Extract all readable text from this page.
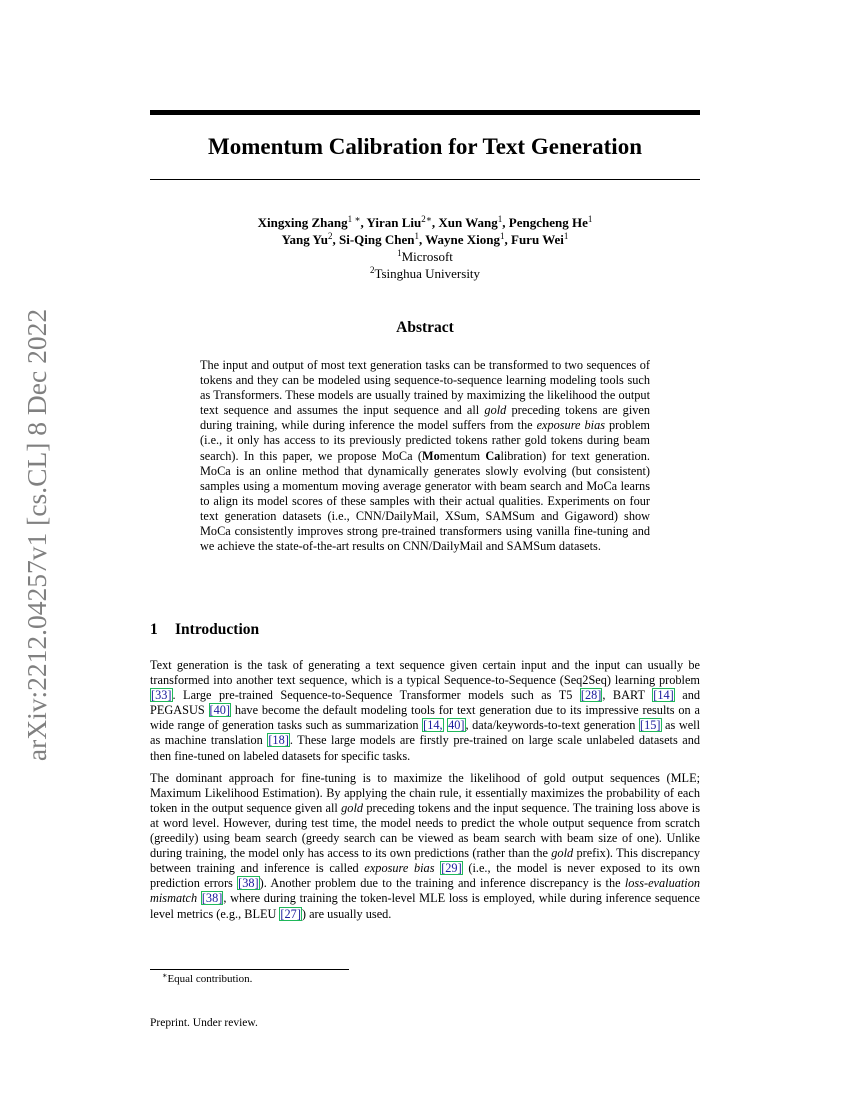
arXiv:2212.04257v1 [cs.CL] 8 Dec 2022
Momentum Calibration for Text Generation
Xingxing Zhang$^{1 ∗}$, Yiran Liu$^{2∗}$, Xun Wang$^1$, Pengcheng He$^1$
Yang Yu$^2$, Si-Qing Chen$^1$, Wayne Xiong$^1$, Furu Wei$^1$
$^1$Microsoft
$^2$Tsinghua University
Abstract

The input and output of most text generation tasks can be transformed to two sequences of tokens and they can be modeled using sequence-to-sequence learning modeling tools such as Transformers. These models are usually trained by maximizing the likelihood the output text sequence and assumes the input sequence and all gold preceding tokens are given during training, while during inference the model suffers from the exposure bias problem (i.e., it only has access to its previously predicted tokens rather gold tokens during beam search). In this paper, we propose MoCa (Momentum Calibration) for text generation. MoCa is an online method that dynamically generates slowly evolving (but consistent) samples using a momentum moving average generator with beam search and MoCa learns to align its model scores of these samples with their actual qualities. Experiments on four text generation datasets (i.e., CNN/DailyMail, XSum, SAMSum and Gigaword) show MoCa consistently improves strong pre-trained transformers using vanilla fine-tuning and we achieve the state-of-the-art results on CNN/DailyMail and SAMSum datasets.

1 Introduction

Text generation is the task of generating a text sequence given certain input and the input can usually be transformed into another text sequence, which is a typical Sequence-to-Sequence (Seq2Seq) learning problem [33]. Large pre-trained Sequence-to-Sequence Transformer models such as T5 [28], BART [14] and PEGASUS [40] have become the default modeling tools for text generation due to its impressive results on a wide range of generation tasks such as summarization [14, 40], data/keywords-to-text generation [15] as well as machine translation [18]. These large models are firstly pre-trained on large scale unlabeled datasets and then fine-tuned on labeled datasets for specific tasks.

The dominant approach for fine-tuning is to maximize the likelihood of gold output sequences (MLE; Maximum Likelihood Estimation). By applying the chain rule, it essentially maximizes the probability of each token in the output sequence given all gold preceding tokens and the input sequence. The training loss above is at word level. However, during test time, the model needs to predict the whole output sequence from scratch (greedily) using beam search (greedy search can be viewed as beam search with beam size of one). Unlike during training, the model only has access to its own predictions (rather than the gold prefix). This discrepancy between training and inference is called exposure bias [29] (i.e., the model is never exposed to its own prediction errors [38]). Another problem due to the training and inference discrepancy is the loss-evaluation mismatch [38], where during training the token-level MLE loss is employed, while during inference sequence level metrics (e.g., BLEU [27]) are usually used.

∗Equal contribution.
Preprint. Under review.
